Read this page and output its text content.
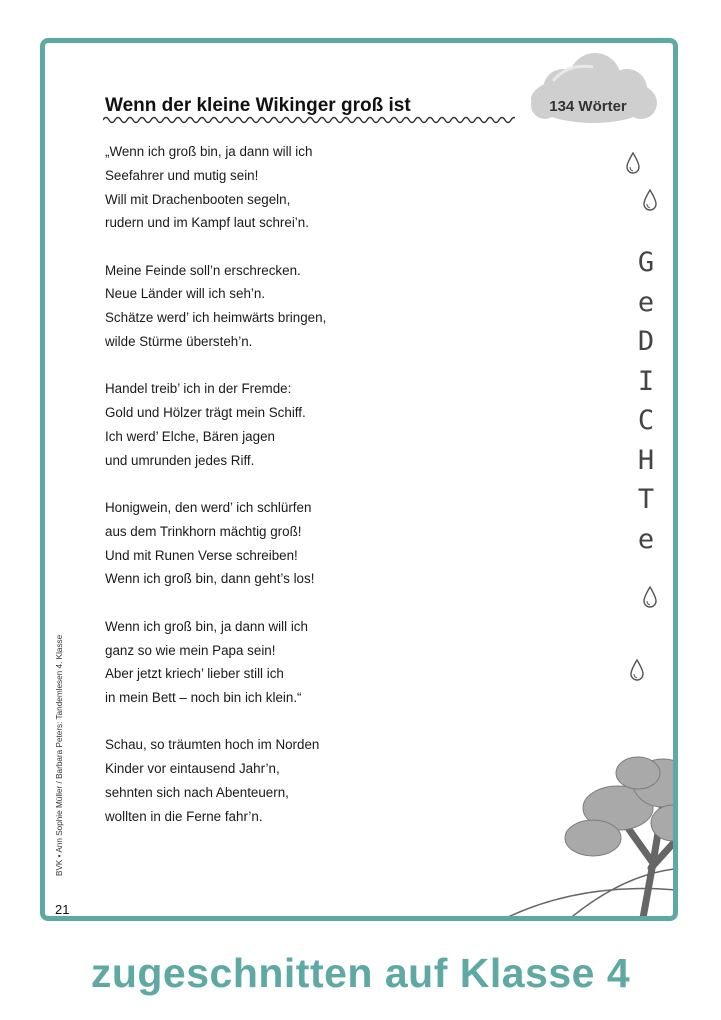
134 Wörter
Wenn der kleine Wikinger groß ist
„Wenn ich groß bin, ja dann will ich
Seefahrer und mutig sein!
Will mit Drachenbooten segeln,
rudern und im Kampf laut schrei’n.
Meine Feinde soll’n erschrecken.
Neue Länder will ich seh’n.
Schätze werd’ ich heimwärts bringen,
wilde Stürme übersteh’n.
Handel treib’ ich in der Fremde:
Gold und Hölzer trägt mein Schiff.
Ich werd’ Elche, Bären jagen
und umrunden jedes Riff.
Honigwein, den werd’ ich schlürfen
aus dem Trinkhorn mächtig groß!
Und mit Runen Verse schreiben!
Wenn ich groß bin, dann geht’s los!
Wenn ich groß bin, ja dann will ich
ganz so wie mein Papa sein!
Aber jetzt kriech’ lieber still ich
in mein Bett – noch bin ich klein.“
Schau, so träumten hoch im Norden
Kinder vor eintausend Jahr’n,
sehnten sich nach Abenteuern,
wollten in die Ferne fahr’n.
G
e
D
I
C
H
T
e
BVK • Ann Sophie Müller / Barbara Peters: Tandemlesen 4. Klasse
21
zugeschnitten auf Klasse 4
